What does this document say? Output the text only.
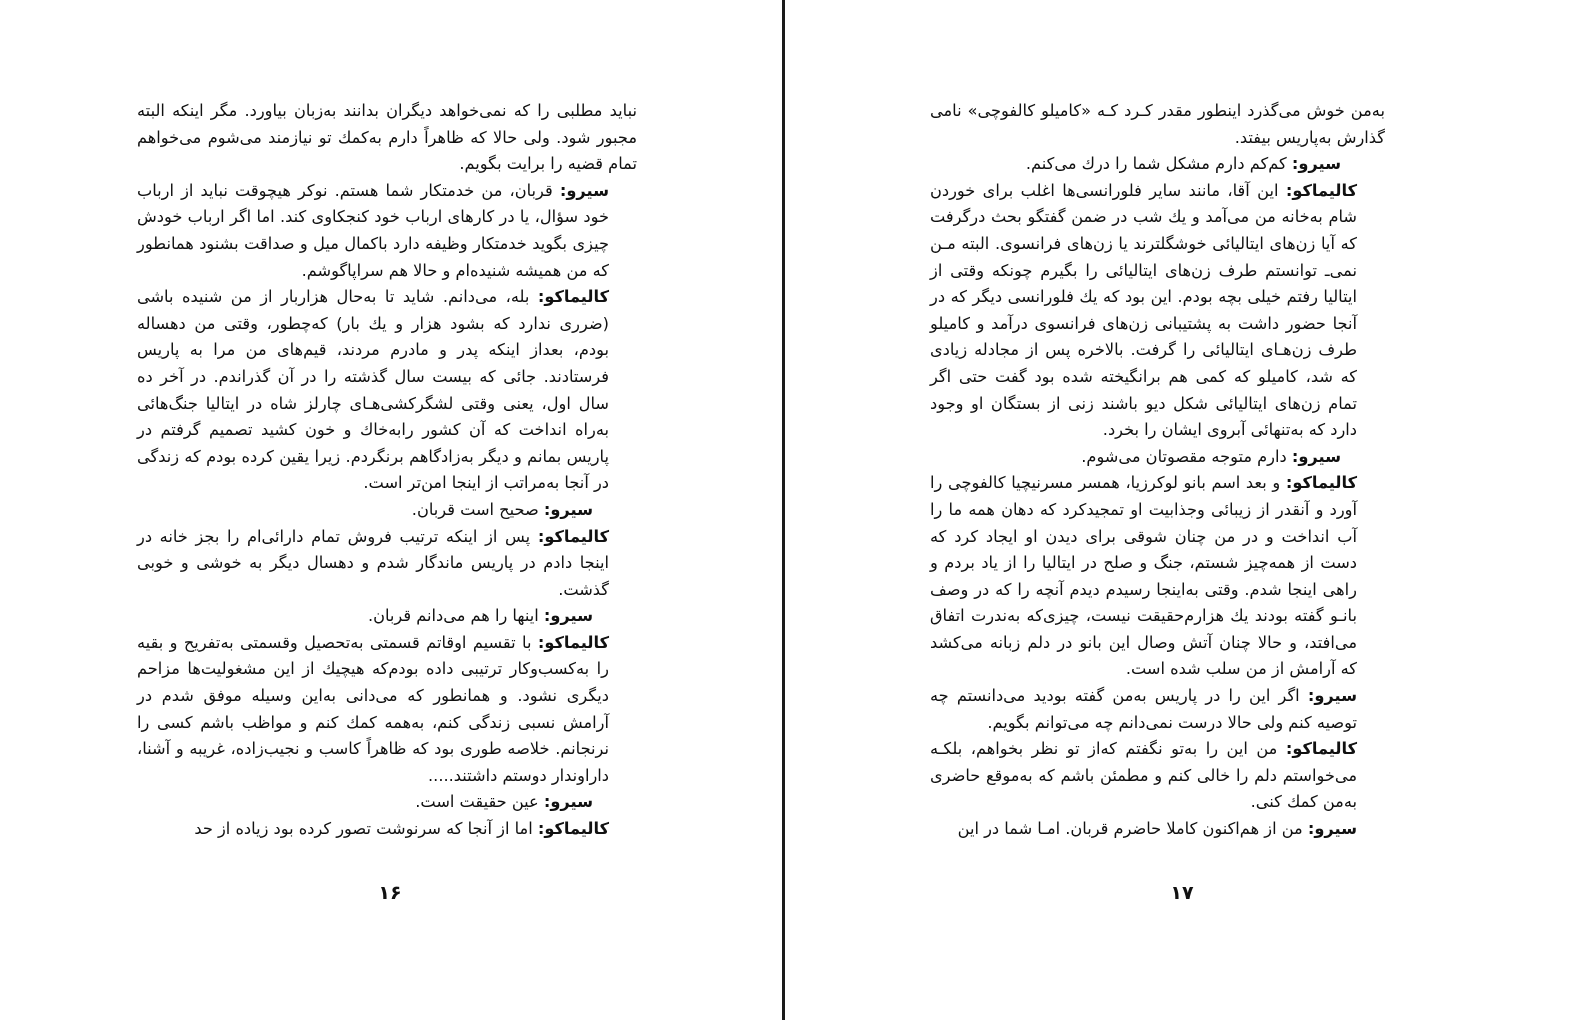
نباید مطلبی را که نمی‌خواهد دیگران بدانند به‌زبان بیاورد. مگر اینکه البته مجبور شود. ولی حالا که ظاهراً دارم به‌کمك تو نیازمند می‌شوم می‌خواهم تمام قضیه را برایت بگویم.

سیرو: قربان، من خدمتکار شما هستم. نوکر هیچوقت نباید از ارباب خود سؤال، یا در کارهای ارباب خود کنجکاوی کند. اما اگر ارباب خودش چیزی بگوید خدمتکار وظیفه دارد باکمال میل و صداقت بشنود همانطور که من همیشه شنیده‌ام و حالا هم سراپاگوشم.

کالیماکو: بله، می‌دانم. شاید تا به‌حال هزاربار از من شنیده باشی (ضرری ندارد که بشود هزار و یك بار) که‌چطور، وقتی من دهساله بودم، بعداز اینکه پدر و مادرم مردند، قیم‌های من مرا به پاریس فرستادند. جائی که بیست سال گذشته را در آن گذراندم. در آخر ده سال اول، یعنی وقتی لشگرکشی‌هـای چارلز شاه در ایتالیا جنگ‌هائی به‌راه انداخت که آن کشور رابه‌خاك و خون کشید تصمیم گرفتم در پاریس بمانم و دیگر به‌زادگاهم برنگردم. زیرا یقین کرده بودم که زندگی در آنجا به‌مراتب از اینجا امن‌تر است.

سیرو: صحیح است قربان.

کالیماکو: پس از اینکه ترتیب فروش تمام دارائی‌ام را بجز خانه در اینجا دادم در پاریس ماندگار شدم و دهسال دیگر به خوشی و خوبی گذشت.

سیرو: اینها را هم می‌دانم قربان.

کالیماکو: با تقسیم اوقاتم قسمتی به‌تحصیل وقسمتی به‌تفریح و بقیه را به‌کسب‌وکار ترتیبی داده بودم‌که هیچیك از این مشغولیت‌ها مزاحم دیگری نشود. و همانطور که می‌دانی به‌این وسیله موفق شدم در آرامش نسبی زندگی کنم، به‌همه کمك کنم و مواظب باشم کسی را نرنجانم. خلاصه طوری بود که ظاهراً کاسب و نجیب‌زاده، غریبه و آشنا، داراوندار دوستم داشتند.....

سیرو: عین حقیقت است.

کالیماکو: اما از آنجا که سرنوشت تصور کرده بود زیاده از حد

۱۶

به‌من خوش می‌گذرد اینطور مقدر کـرد کـه «کامیلو کالفوچی» نامی گذارش به‌پاریس بیفتد.

سیرو: کم‌کم دارم مشکل شما را درك می‌کنم.

کالیماکو: این آقا، مانند سایر فلورانسی‌ها اغلب برای خوردن شام به‌خانه من می‌آمد و یك شب در ضمن گفتگو بحث درگرفت که آیا زن‌های ایتالیائی خوشگلترند یا زن‌های فرانسوی. البته مـن نمی‌ـ توانستم طرف زن‌های ایتالیائی را بگیرم چونکه وقتی از ایتالیا رفتم خیلی بچه بودم. این بود که یك فلورانسی دیگر که در آنجا حضور داشت به پشتیبانی زن‌های فرانسوی درآمد و کامیلو طرف زن‌هـای ایتالیائی را گرفت. بالاخره پس از مجادله زیادی که شد، کامیلو که کمی هم برانگیخته شده بود گفت حتی اگر تمام زن‌های ایتالیائی شکل دیو باشند زنی از بستگان او وجود دارد که به‌تنهائی آبروی ایشان را بخرد.

سیرو: دارم متوجه مقصوتان می‌شوم.

کالیماکو: و بعد اسم بانو لوکرزیا، همسر مسرنیچیا کالفوچی را آورد و آنقدر از زیبائی وجذابیت او تمجیدکرد که دهان همه ما را آب انداخت و در من چنان شوقی برای دیدن او ایجاد کرد که دست از همه‌چیز شستم، جنگ و صلح در ایتالیا را از یاد بردم و راهی اینجا شدم. وقتی به‌اینجا رسیدم دیدم آنچه را که در وصف بانـو گفته بودند یك هزارم‌حقیقت نیست، چیزی‌که به‌ندرت اتفاق می‌افتد، و حالا چنان آتش وصال این بانو در دلم زبانه می‌کشد که آرامش از من سلب شده است.

سیرو: اگر این را در پاریس به‌من گفته بودید می‌دانستم چه توصیه کنم ولی حالا درست نمی‌دانم چه می‌توانم بگویم.

کالیماکو: من این را به‌تو نگفتم که‌از تو نظر بخواهم، بلکـه می‌خواستم دلم را خالی کنم و مطمئن باشم که به‌موقع حاضری به‌من کمك کنی.

سیرو: من از هم‌اکنون کاملا حاضرم قربان. امـا شما در این

۱۷
